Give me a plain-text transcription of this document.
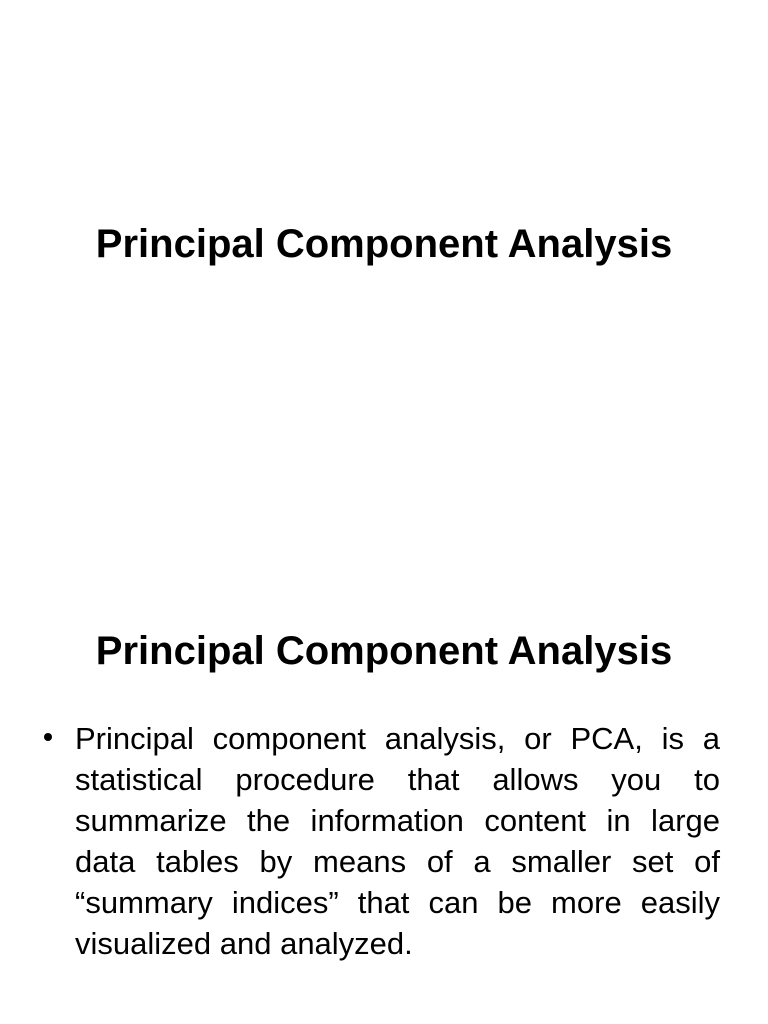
Principal Component Analysis
Principal Component Analysis

Principal component analysis, or PCA, is a statistical procedure that allows you to summarize the information content in large data tables by means of a smaller set of “summary indices” that can be more easily visualized and analyzed.
